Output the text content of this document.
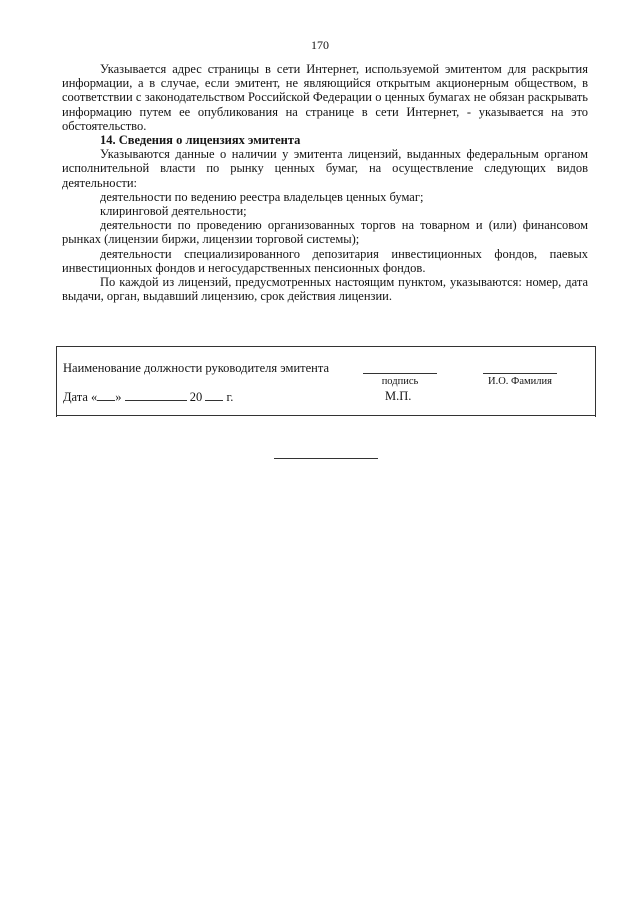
170

Указывается адрес страницы в сети Интернет, используемой эмитентом для раскрытия информации, а в случае, если эмитент, не являющийся открытым акционерным обществом, в соответствии с законодательством Российской Федерации о ценных бумагах не обязан раскрывать информацию путем ее опубликования на странице в сети Интернет, - указывается на это обстоятельство.

14. Сведения о лицензиях эмитента

Указываются данные о наличии у эмитента лицензий, выданных федеральным органом исполнительной власти по рынку ценных бумаг, на осуществление следующих видов деятельности:

деятельности по ведению реестра владельцев ценных бумаг;

клиринговой деятельности;

деятельности по проведению организованных торгов на товарном и (или) финансовом рынках (лицензии биржи, лицензии торговой системы);

деятельности специализированного депозитария инвестиционных фондов, паевых инвестиционных фондов и негосударственных пенсионных фондов.

По каждой из лицензий, предусмотренных настоящим пунктом, указываются: номер, дата выдачи, орган, выдавший лицензию, срок действия лицензии.

Наименование должности руководителя эмитента
подпись	И.О. Фамилия
Дата « »	20 г.	М.П.
